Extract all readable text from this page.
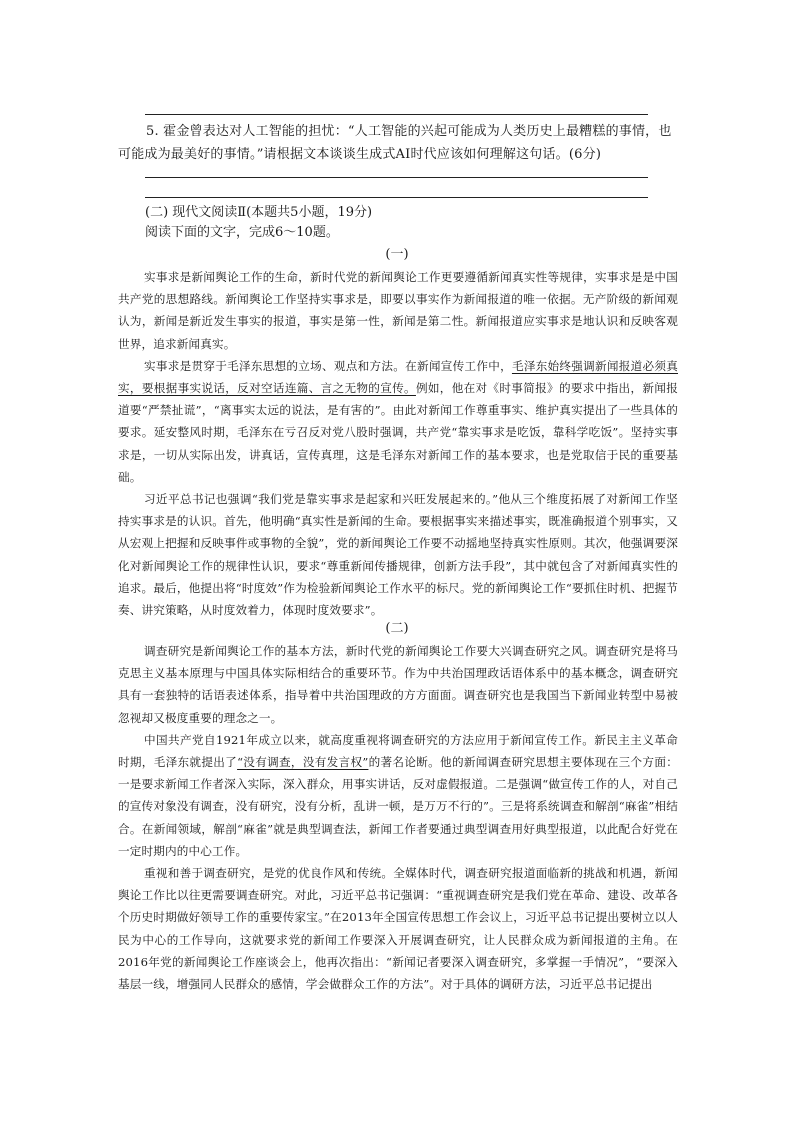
5. 霍金曾表达对人工智能的担忧：“人工智能的兴起可能成为人类历史上最糟糕的事情，也可能成为最美好的事情。”请根据文本谈谈生成式AI时代应该如何理解这句话。(6分)
(二) 现代文阅读Ⅱ(本题共5小题，19分)
阅读下面的文字，完成6～10题。
(一)

实事求是新闻舆论工作的生命，新时代党的新闻舆论工作更要遵循新闻真实性等规律，实事求是是中国共产党的思想路线。新闻舆论工作坚持实事求是，即要以事实作为新闻报道的唯一依据。无产阶级的新闻观认为，新闻是新近发生事实的报道，事实是第一性，新闻是第二性。新闻报道应实事求是地认识和反映客观世界，追求新闻真实。

实事求是贯穿于毛泽东思想的立场、观点和方法。在新闻宣传工作中，毛泽东始终强调新闻报道必须真实，要根据事实说话，反对空话连篇、言之无物的宣传。例如，他在对《时事简报》的要求中指出，新闻报道要“严禁扯谎”，“离事实太远的说法，是有害的”。由此对新闻工作尊重事实、维护真实提出了一些具体的要求。延安整风时期，毛泽东在亏召反对党八股时强调，共产党“靠实事求是吃饭，靠科学吃饭”。坚持实事求是，一切从实际出发，讲真话，宣传真理，这是毛泽东对新闻工作的基本要求，也是党取信于民的重要基础。

习近平总书记也强调“我们党是靠实事求是起家和兴旺发展起来的。”他从三个维度拓展了对新闻工作坚持实事求是的认识。首先，他明确“真实性是新闻的生命。要根据事实来描述事实，既准确报道个别事实，又从宏观上把握和反映事件或事物的全貌”，党的新闻舆论工作要不动摇地坚持真实性原则。其次，他强调要深化对新闻舆论工作的规律性认识，要求“尊重新闻传播规律，创新方法手段”，其中就包含了对新闻真实性的追求。最后，他提出将“时度效”作为检验新闻舆论工作水平的标尺。党的新闻舆论工作“要抓住时机、把握节奏、讲究策略，从时度效着力，体现时度效要求”。

(二)

调查研究是新闻舆论工作的基本方法，新时代党的新闻舆论工作要大兴调查研究之风。调查研究是将马克思主义基本原理与中国具体实际相结合的重要环节。作为中共治国理政话语体系中的基本概念，调查研究具有一套独特的话语表述体系，指导着中共治国理政的方方面面。调查研究也是我国当下新闻业转型中易被忽视却又极度重要的理念之一。

中国共产党自1921年成立以来，就高度重视将调查研究的方法应用于新闻宣传工作。新民主主义革命时期，毛泽东就提出了“没有调查，没有发言权”的著名论断。他的新闻调查研究思想主要体现在三个方面：一是要求新闻工作者深入实际，深入群众，用事实讲话，反对虚假报道。二是强调“做宣传工作的人，对自己的宣传对象没有调查，没有研究，没有分析，乱讲一顿，是万万不行的”。三是将系统调查和解剖“麻雀”相结合。在新闻领域，解剖“麻雀”就是典型调查法，新闻工作者要通过典型调查用好典型报道，以此配合好党在一定时期内的中心工作。

重视和善于调查研究，是党的优良作风和传统。全媒体时代，调查研究报道面临新的挑战和机遇，新闻舆论工作比以往更需要调查研究。对此，习近平总书记强调：“重视调查研究是我们党在革命、建设、改革各个历史时期做好领导工作的重要传家宝。”在2013年全国宣传思想工作会议上，习近平总书记提出要树立以人民为中心的工作导向，这就要求党的新闻工作要深入开展调查研究，让人民群众成为新闻报道的主角。在2016年党的新闻舆论工作座谈会上，他再次指出：“新闻记者要深入调查研究，多掌握一手情况”，“要深入基层一线，增强同人民群众的感情，学会做群众工作的方法”。对于具体的调研方法，习近平总书记提出
